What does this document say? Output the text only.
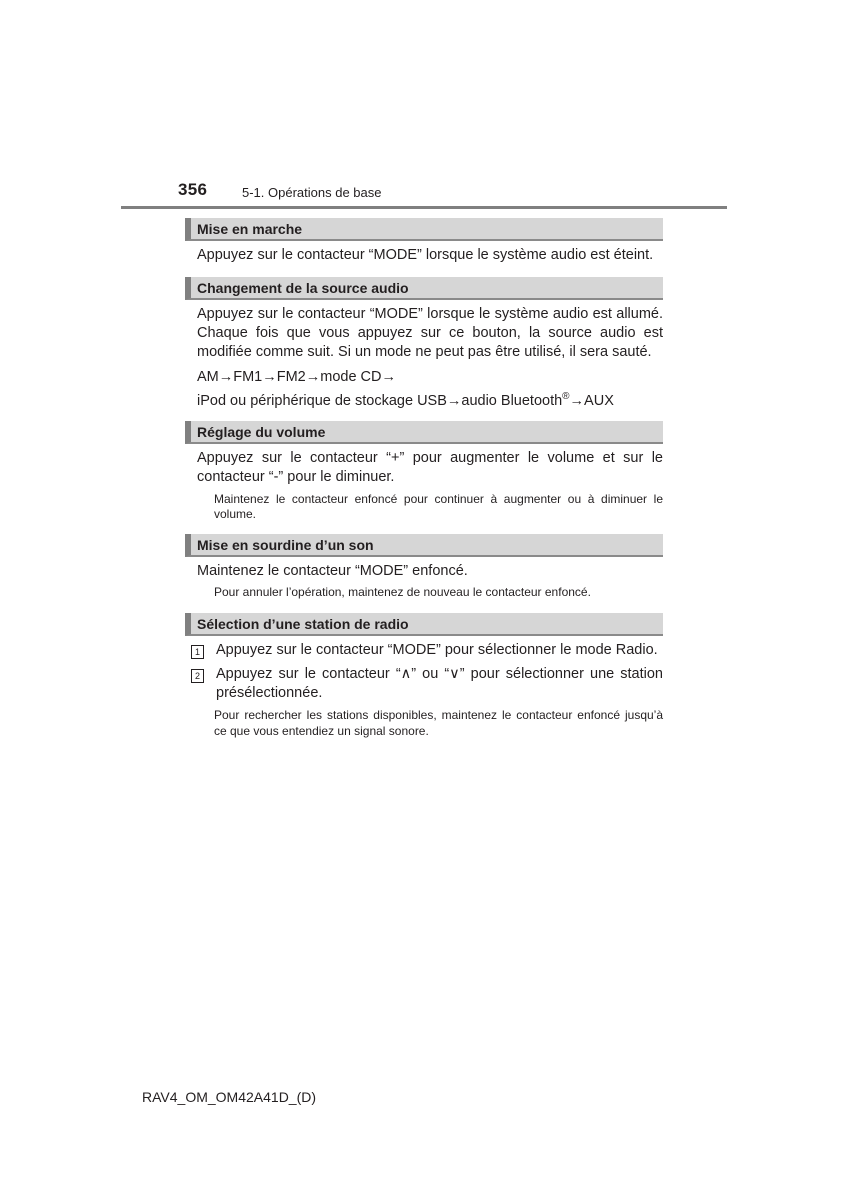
356	5-1. Opérations de base
Mise en marche

Appuyez sur le contacteur “MODE” lorsque le système audio est éteint.

Changement de la source audio

Appuyez sur le contacteur “MODE” lorsque le système audio est allumé. Chaque fois que vous appuyez sur ce bouton, la source audio est modifiée comme suit. Si un mode ne peut pas être utilisé, il sera sauté.

AM→FM1→FM2→mode CD→

iPod ou périphérique de stockage USB→audio Bluetooth®→AUX

Réglage du volume

Appuyez sur le contacteur “+” pour augmenter le volume et sur le contacteur “-” pour le diminuer.

Maintenez le contacteur enfoncé pour continuer à augmenter ou à diminuer le volume.
Mise en sourdine d’un son

Maintenez le contacteur “MODE” enfoncé.

Pour annuler l’opération, maintenez de nouveau le contacteur enfoncé.
Sélection d’une station de radio
1 Appuyez sur le contacteur “MODE” pour sélectionner le mode Radio.
2 Appuyez sur le contacteur “∧” ou “∨” pour sélectionner une station présélectionnée.
Pour rechercher les stations disponibles, maintenez le contacteur enfoncé jusqu’à ce que vous entendiez un signal sonore.
RAV4_OM_OM42A41D_(D)
